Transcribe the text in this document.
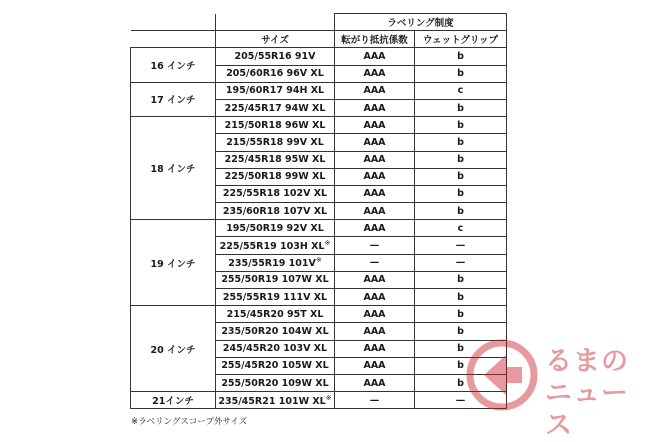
		ラベリング制度	
	サイズ	転がり抵抗係数	ウェットグリップ
16 インチ	205/55R16 91V	AAA	b
	205/60R16 96V XL	AAA	b
17 インチ	195/60R17 94H XL	AAA	c
	225/45R17 94W XL	AAA	b
18 インチ	215/50R18 96W XL	AAA	b
	215/55R18 99V XL	AAA	b
	225/45R18 95W XL	AAA	b
	225/50R18 99W XL	AAA	b
	225/55R18 102V XL	AAA	b
	235/60R18 107V XL	AAA	b
19 インチ	195/50R19 92V XL	AAA	c
	225/55R19 103H XL※	—	—
	235/55R19 101V※	—	—
	255/50R19 107W XL	AAA	b
	255/55R19 111V XL	AAA	b
20 インチ	215/45R20 95T XL	AAA	b
	235/50R20 104W XL	AAA	b
	245/45R20 103V XL	AAA	b
	255/45R20 105W XL	AAA	b
	255/50R20 109W XL	AAA	b
21インチ	235/45R21 101W XL※	—	—
※ラベリングスコープ外サイズ
るまの
ニュース
